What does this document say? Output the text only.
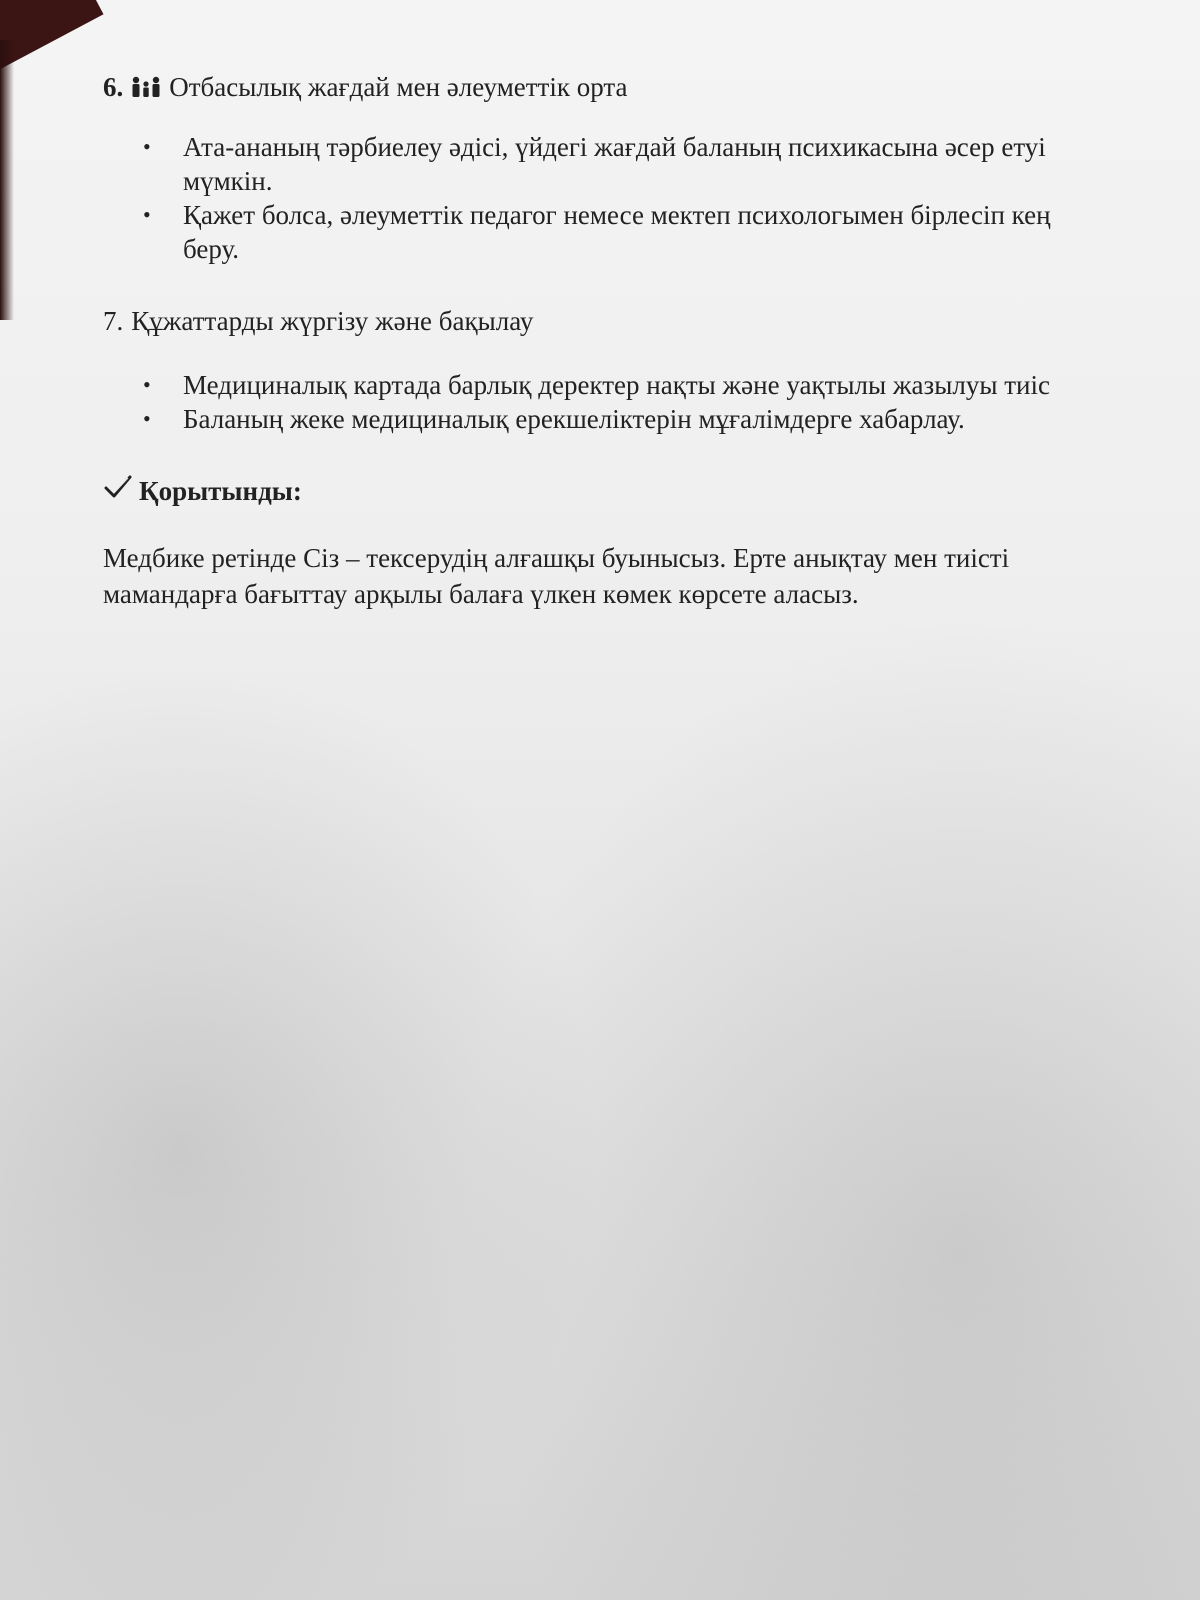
6. Отбасылық жағдай мен әлеуметтік орта
• Ата-ананың тәрбиелеу әдісі, үйдегі жағдай баланың психикасына әсер етуі
мүмкін.
• Қажет болса, әлеуметтік педагог немесе мектеп психологымен бірлесіп кең
беру.
7. Құжаттарды жүргізу және бақылау
• Медициналық картада барлық деректер нақты және уақтылы жазылуы тиіс
• Баланың жеке медициналық ерекшеліктерін мұғалімдерге хабарлау.
Қорытынды:
Медбике ретінде Сіз – тексерудің алғашқы буынысыз. Ерте анықтау мен тиісті
мамандарға бағыттау арқылы балаға үлкен көмек көрсете аласыз.
